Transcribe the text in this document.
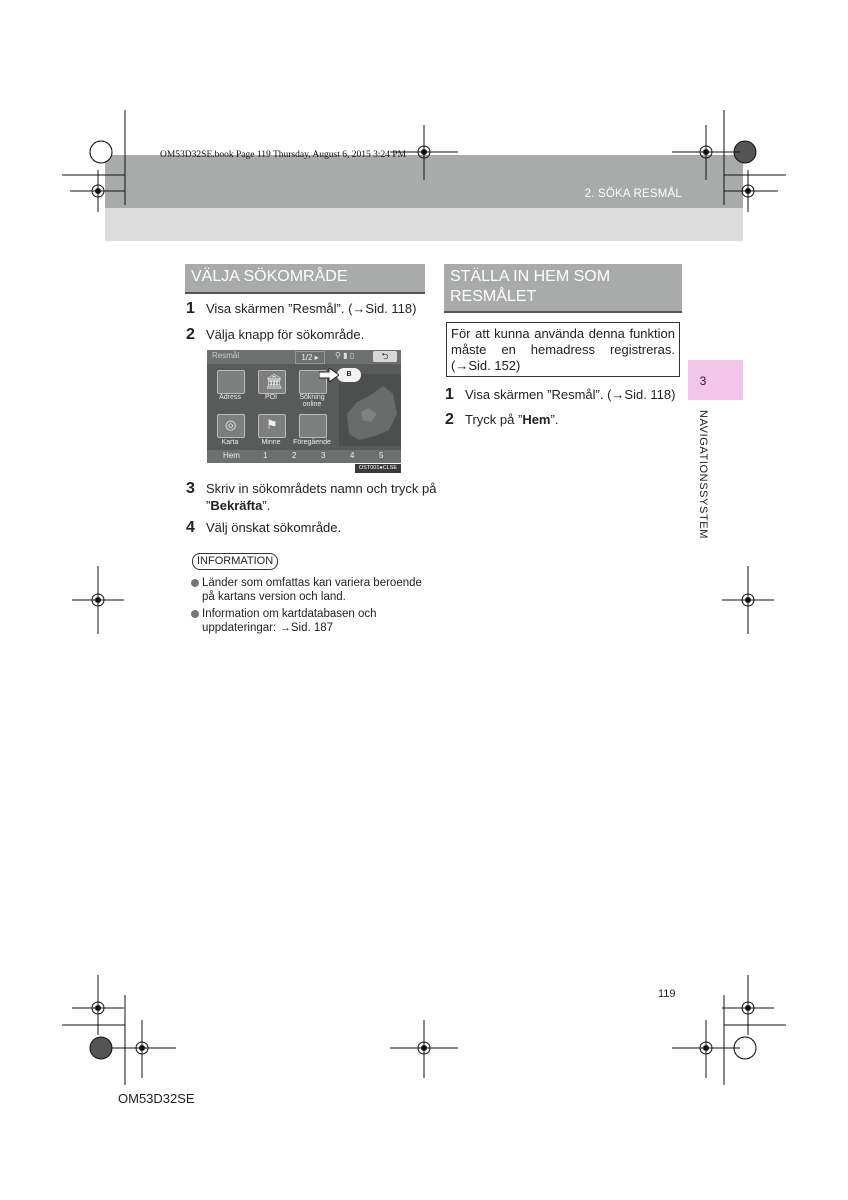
OM53D32SE.book Page 119 Thursday, August 6, 2015 3:24 PM
2. SÖKA RESMÅL
3
NAVIGATIONSSYSTEM
VÄLJA SÖKOMRÅDE
1 Visa skärmen ”Resmål”. (→Sid. 118)
2 Välja knapp för sökområde.
Resmål	1/2 ▸	⚲ ▮ ▯	⮌
Adress
🏛
POI	Sökning online
◎
Karta
⚑
Minne	Föregående
B
Hem	1	2	3	4	5
OST001●CLSE
3 Skriv in sökområdets namn och tryck på
”Bekräfta”.
4 Välj önskat sökområde.
INFORMATION
Länder som omfattas kan variera beroende
på kartans version och land.
Information om kartdatabasen och
uppdateringar: →Sid. 187
STÄLLA IN HEM SOM
RESMÅLET
För att kunna använda denna funktion måste en hemadress registreras. (→Sid. 152)
1 Visa skärmen ”Resmål”. (→Sid. 118)
2 Tryck på ”Hem”.
119
OM53D32SE
